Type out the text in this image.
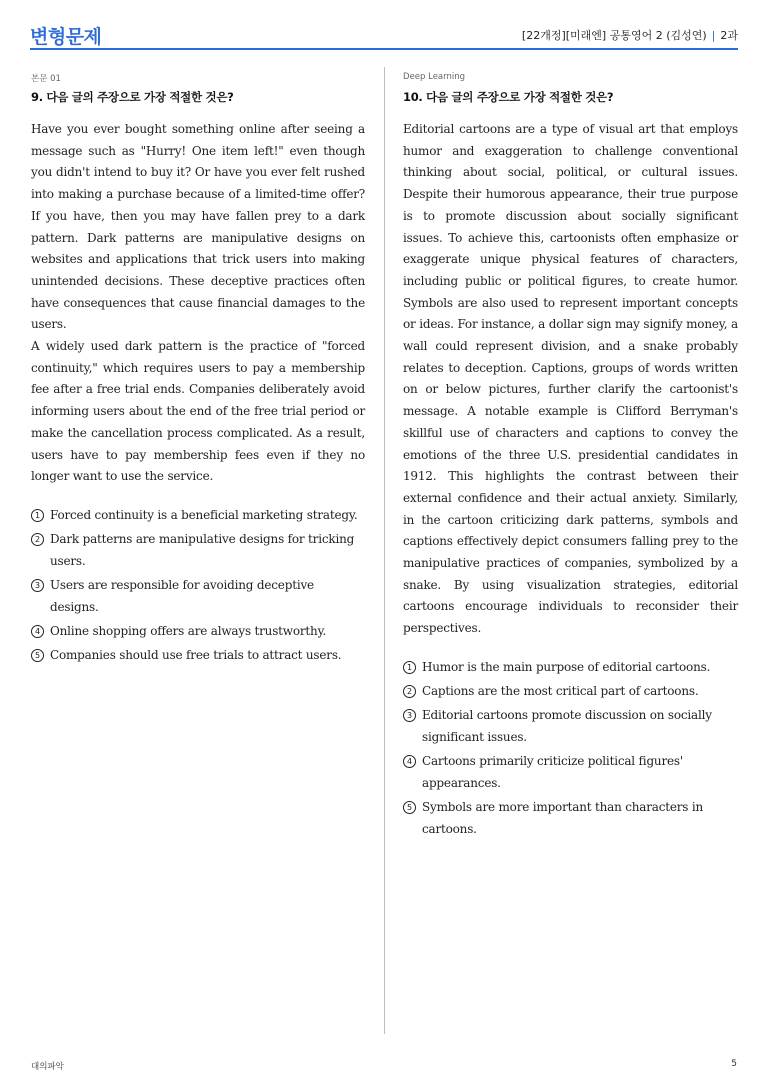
변형문제	[22개정][미래엔] 공통영어 2 (김성연) | 2과
본문 01
9. 다음 글의 주장으로 가장 적절한 것은?

Have you ever bought something online after seeing a message such as "Hurry! One item left!" even though you didn't intend to buy it? Or have you ever felt rushed into making a purchase because of a limited-time offer? If you have, then you may have fallen prey to a dark pattern. Dark patterns are manipulative designs on websites and applications that trick users into making unintended decisions. These deceptive practices often have consequences that cause financial damages to the users.

A widely used dark pattern is the practice of "forced continuity," which requires users to pay a membership fee after a free trial ends. Companies deliberately avoid informing users about the end of the free trial period or make the cancellation process complicated. As a result, users have to pay membership fees even if they no longer want to use the service.

1 Forced continuity is a beneficial marketing strategy.
2 Dark patterns are manipulative designs for tricking users.
3 Users are responsible for avoiding deceptive designs.
4 Online shopping offers are always trustworthy.
5 Companies should use free trials to attract users.
Deep Learning
10. 다음 글의 주장으로 가장 적절한 것은?

Editorial cartoons are a type of visual art that employs humor and exaggeration to challenge conventional thinking about social, political, or cultural issues. Despite their humorous appearance, their true purpose is to promote discussion about socially significant issues. To achieve this, cartoonists often emphasize or exaggerate unique physical features of characters, including public or political figures, to create humor. Symbols are also used to represent important concepts or ideas. For instance, a dollar sign may signify money, a wall could represent division, and a snake probably relates to deception. Captions, groups of words written on or below pictures, further clarify the cartoonist's message. A notable example is Clifford Berryman's skillful use of characters and captions to convey the emotions of the three U.S. presidential candidates in 1912. This highlights the contrast between their external confidence and their actual anxiety. Similarly, in the cartoon criticizing dark patterns, symbols and captions effectively depict consumers falling prey to the manipulative practices of companies, symbolized by a snake. By using visualization strategies, editorial cartoons encourage individuals to reconsider their perspectives.

1 Humor is the main purpose of editorial cartoons.
2 Captions are the most critical part of cartoons.
3 Editorial cartoons promote discussion on socially significant issues.
4 Cartoons primarily criticize political figures' appearances.
5 Symbols are more important than characters in cartoons.
대의파악	5
